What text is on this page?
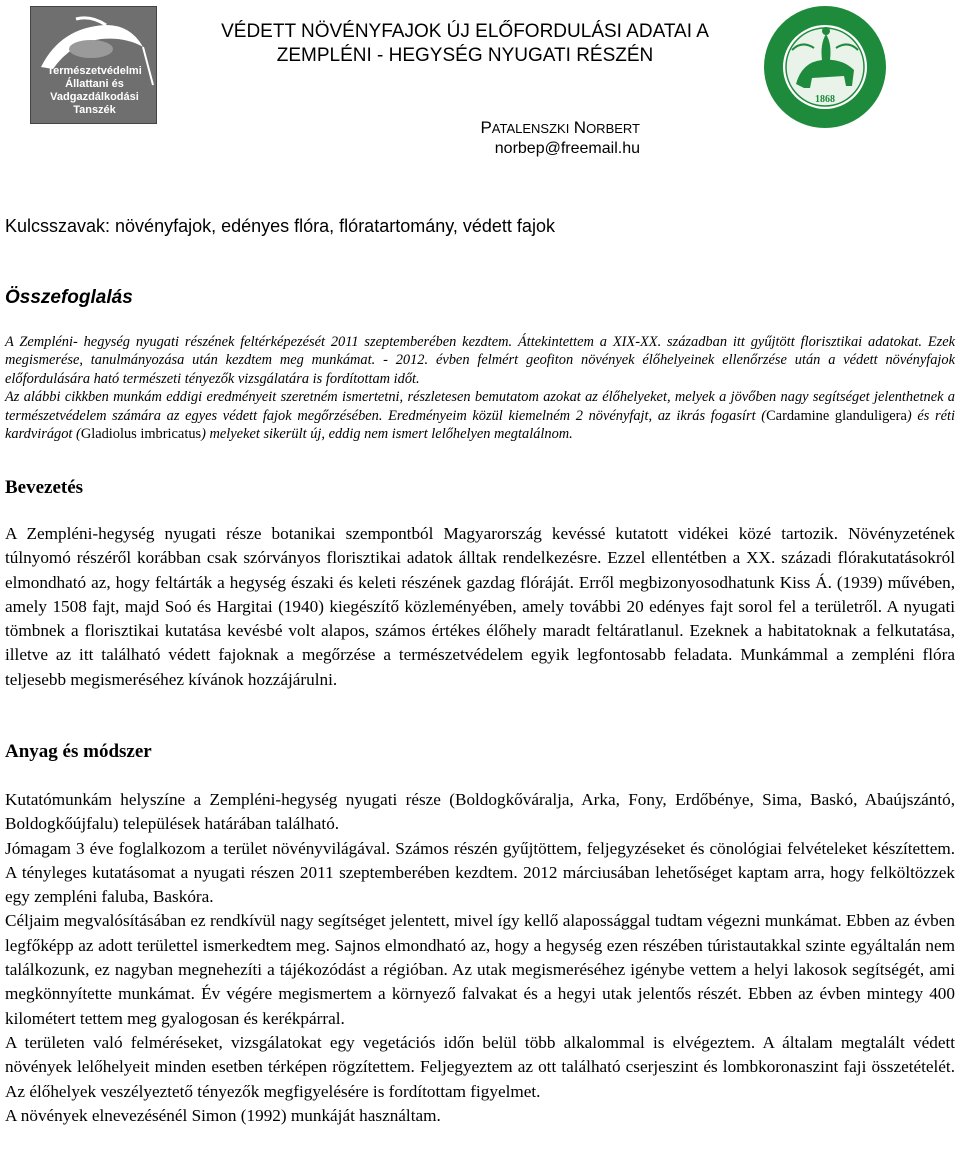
Természetvédelmi
Állattani és
Vadgazdálkodási
Tanszék
1868
VÉDETT NÖVÉNYFAJOK ÚJ ELŐFORDULÁSI ADATAI A ZEMPLÉNI - HEGYSÉG NYUGATI RÉSZÉN
PATALENSZKI NORBERT
norbep@freemail.hu
Kulcsszavak: növényfajok, edényes flóra, flóratartomány, védett fajok
Összefoglalás

A Zempléni- hegység nyugati részének feltérképezését 2011 szeptemberében kezdtem. Áttekintettem a XIX-XX. században itt gyűjtött florisztikai adatokat. Ezek megismerése, tanulmányozása után kezdtem meg munkámat. - 2012. évben felmért geofiton növények élőhelyeinek ellenőrzése után a védett növényfajok előfordulására ható természeti tényezők vizsgálatára is fordítottam időt.
Az alábbi cikkben munkám eddigi eredményeit szeretném ismertetni, részletesen bemutatom azokat az élőhelyeket, melyek a jövőben nagy segítséget jelenthetnek a természetvédelem számára az egyes védett fajok megőrzésében. Eredményeim közül kiemelném 2 növényfajt, az ikrás fogasírt (Cardamine glanduligera) és réti kardvirágot (Gladiolus imbricatus) melyeket sikerült új, eddig nem ismert lelőhelyen megtalálnom.

Bevezetés

A Zempléni-hegység nyugati része botanikai szempontból Magyarország kevéssé kutatott vidékei közé tartozik. Növényzetének túlnyomó részéről korábban csak szórványos florisztikai adatok álltak rendelkezésre. Ezzel ellentétben a XX. századi flórakutatásokról elmondható az, hogy feltárták a hegység északi és keleti részének gazdag flóráját. Erről megbizonyosodhatunk Kiss Á. (1939) művében, amely 1508 fajt, majd Soó és Hargitai (1940) kiegészítő közleményében, amely további 20 edényes fajt sorol fel a területről. A nyugati tömbnek a florisztikai kutatása kevésbé volt alapos, számos értékes élőhely maradt feltáratlanul. Ezeknek a habitatoknak a felkutatása, illetve az itt található védett fajoknak a megőrzése a természetvédelem egyik legfontosabb feladata. Munkámmal a zempléni flóra teljesebb megismeréséhez kívánok hozzájárulni.

Anyag és módszer

Kutatómunkám helyszíne a Zempléni-hegység nyugati része (Boldogkőváralja, Arka, Fony, Erdőbénye, Sima, Baskó, Abaújszántó, Boldogkőújfalu) települések határában található.

Jómagam 3 éve foglalkozom a terület növényvilágával. Számos részén gyűjtöttem, feljegyzéseket és cönológiai felvételeket készítettem. A tényleges kutatásomat a nyugati részen 2011 szeptemberében kezdtem. 2012 márciusában lehetőséget kaptam arra, hogy felköltözzek egy zempléni faluba, Baskóra.

Céljaim megvalósításában ez rendkívül nagy segítséget jelentett, mivel így kellő alapossággal tudtam végezni munkámat. Ebben az évben legfőképp az adott területtel ismerkedtem meg. Sajnos elmondható az, hogy a hegység ezen részében túristautakkal szinte egyáltalán nem találkozunk, ez nagyban megnehezíti a tájékozódást a régióban. Az utak megismeréséhez igénybe vettem a helyi lakosok segítségét, ami megkönnyítette munkámat. Év végére megismertem a környező falvakat és a hegyi utak jelentős részét. Ebben az évben mintegy 400 kilométert tettem meg gyalogosan és kerékpárral.

A területen való felméréseket, vizsgálatokat egy vegetációs időn belül több alkalommal is elvégeztem. A általam megtalált védett növények lelőhelyeit minden esetben térképen rögzítettem. Feljegyeztem az ott található cserjeszint és lombkoronaszint faji összetételét. Az élőhelyek veszélyeztető tényezők megfigyelésére is fordítottam figyelmet.

A növények elnevezésénél Simon (1992) munkáját használtam.
